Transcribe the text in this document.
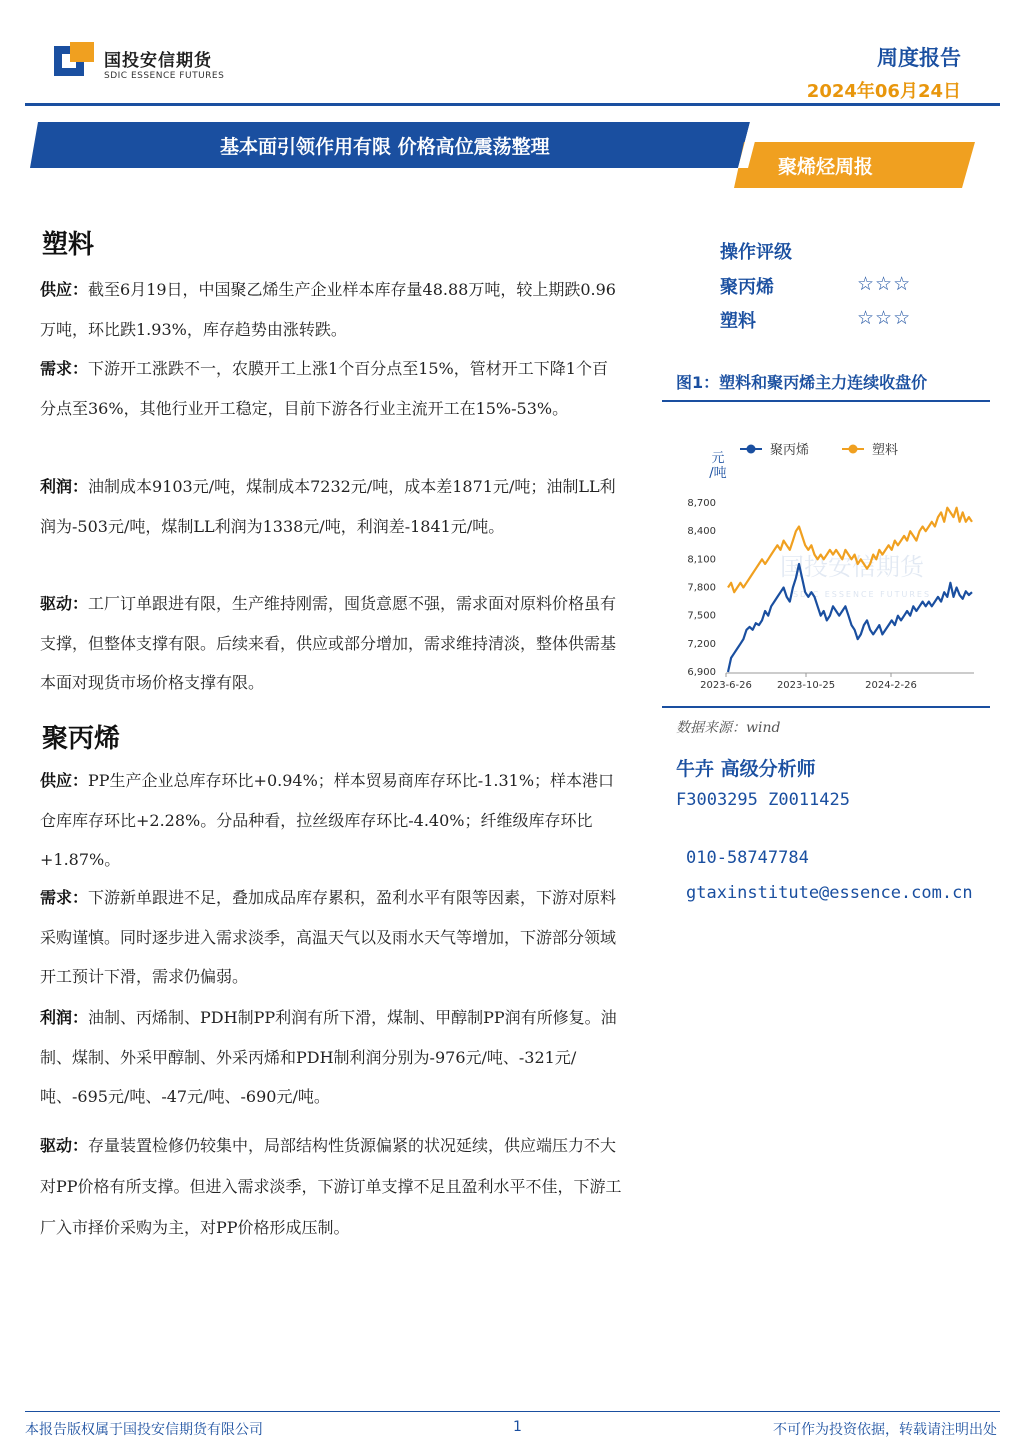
国投安信期货
SDIC ESSENCE FUTURES
周度报告
2024年06月24日
基本面引领作用有限 价格高位震荡整理
聚烯烃周报
塑料
供应：截至6月19日，中国聚乙烯生产企业样本库存量48.88万吨，较上期跌0.96万吨，环比跌1.93%，库存趋势由涨转跌。
需求：下游开工涨跌不一，农膜开工上涨1个百分点至15%，管材开工下降1个百分点至36%，其他行业开工稳定，目前下游各行业主流开工在15%-53%。
利润：油制成本9103元/吨，煤制成本7232元/吨，成本差1871元/吨；油制LL利润为-503元/吨，煤制LL利润为1338元/吨，利润差-1841元/吨。
驱动：工厂订单跟进有限，生产维持刚需，囤货意愿不强，需求面对原料价格虽有支撑，但整体支撑有限。后续来看，供应或部分增加，需求维持清淡，整体供需基本面对现货市场价格支撑有限。
聚丙烯
供应：PP生产企业总库存环比+0.94%；样本贸易商库存环比-1.31%；样本港口仓库库存环比+2.28%。分品种看，拉丝级库存环比-4.40%；纤维级库存环比+1.87%。
需求：下游新单跟进不足，叠加成品库存累积，盈利水平有限等因素，下游对原料采购谨慎。同时逐步进入需求淡季，高温天气以及雨水天气等增加，下游部分领域开工预计下滑，需求仍偏弱。
利润：油制、丙烯制、PDH制PP利润有所下滑，煤制、甲醇制PP润有所修复。油制、煤制、外采甲醇制、外采丙烯和PDH制利润分别为-976元/吨、-321元/吨、-695元/吨、-47元/吨、-690元/吨。
驱动：存量装置检修仍较集中，局部结构性货源偏紧的状况延续，供应端压力不大对PP价格有所支撑。但进入需求淡季，下游订单支撑不足且盈利水平不佳，下游工厂入市择价采购为主，对PP价格形成压制。
操作评级
聚丙烯	☆☆☆
塑料	☆☆☆
图1：塑料和聚丙烯主力连续收盘价
国投安信期货
SDIC ESSENCE FUTURES
元
/吨
8,700
8,400
8,100
7,800
7,500
7,200
6,900
2023-6-26	2023-10-25	2024-2-26
聚丙烯	塑料
数据来源：wind
牛卉 高级分析师
F3003295 Z0011425
010-58747784
gtaxinstitute@essence.com.cn
本报告版权属于国投安信期货有限公司	1	不可作为投资依据，转载请注明出处
